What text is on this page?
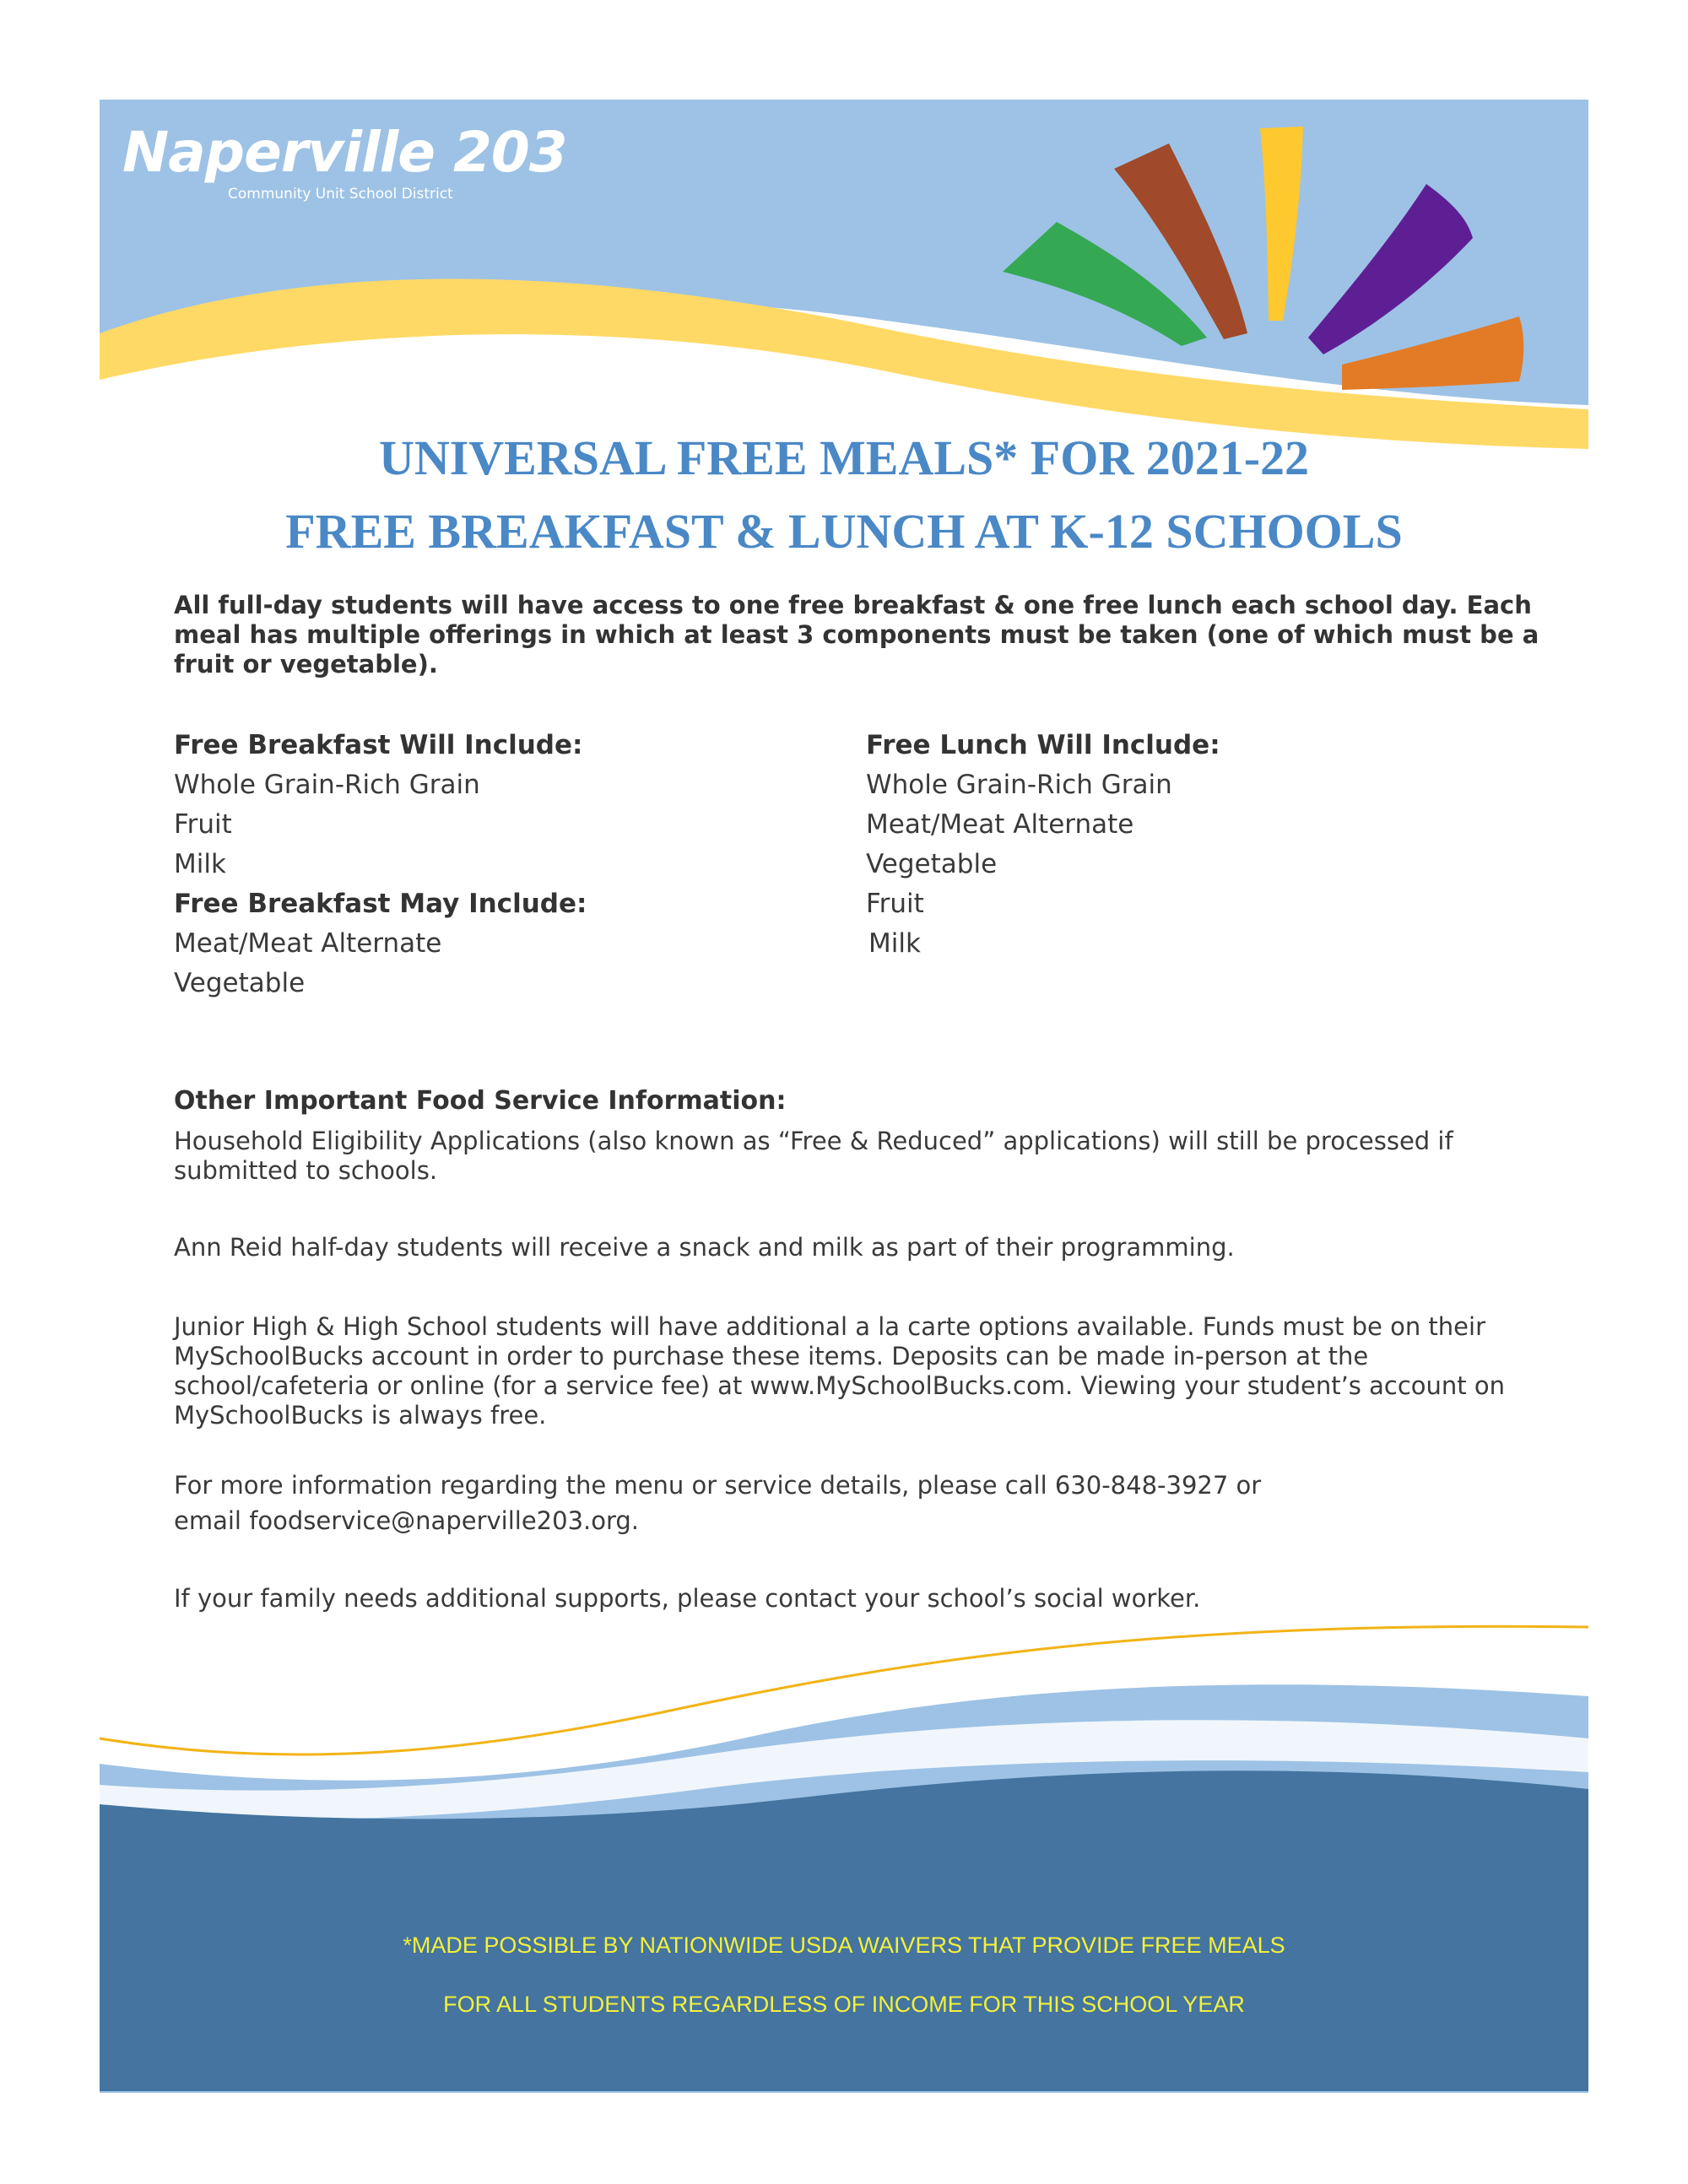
Naperville 203
Community Unit School District
UNIVERSAL FREE MEALS* FOR 2021-22
FREE BREAKFAST & LUNCH AT K-12 SCHOOLS
All full-day students will have access to one free breakfast & one free lunch each school day. Each meal has multiple offerings in which at least 3 components must be taken (one of which must be a fruit or vegetable).
Free Breakfast Will Include:
Whole Grain-Rich Grain
Fruit
Milk
Free Breakfast May Include:
Meat/Meat Alternate
Vegetable
Free Lunch Will Include:
Whole Grain-Rich Grain
Meat/Meat Alternate
Vegetable
Fruit
Milk
Other Important Food Service Information:
Household Eligibility Applications (also known as “Free & Reduced” applications) will still be processed if submitted to schools.
Ann Reid half-day students will receive a snack and milk as part of their programming.
Junior High & High School students will have additional a la carte options available. Funds must be on their MySchoolBucks account in order to purchase these items. Deposits can be made in-person at the school/cafeteria or online (for a service fee) at www.MySchoolBucks.com. Viewing your student’s account on MySchoolBucks is always free.
For more information regarding the menu or service details, please call 630-848-3927 or
email foodservice@naperville203.org.
If your family needs additional supports, please contact your school’s social worker.
*MADE POSSIBLE BY NATIONWIDE USDA WAIVERS THAT PROVIDE FREE MEALS
FOR ALL STUDENTS REGARDLESS OF INCOME FOR THIS SCHOOL YEAR
